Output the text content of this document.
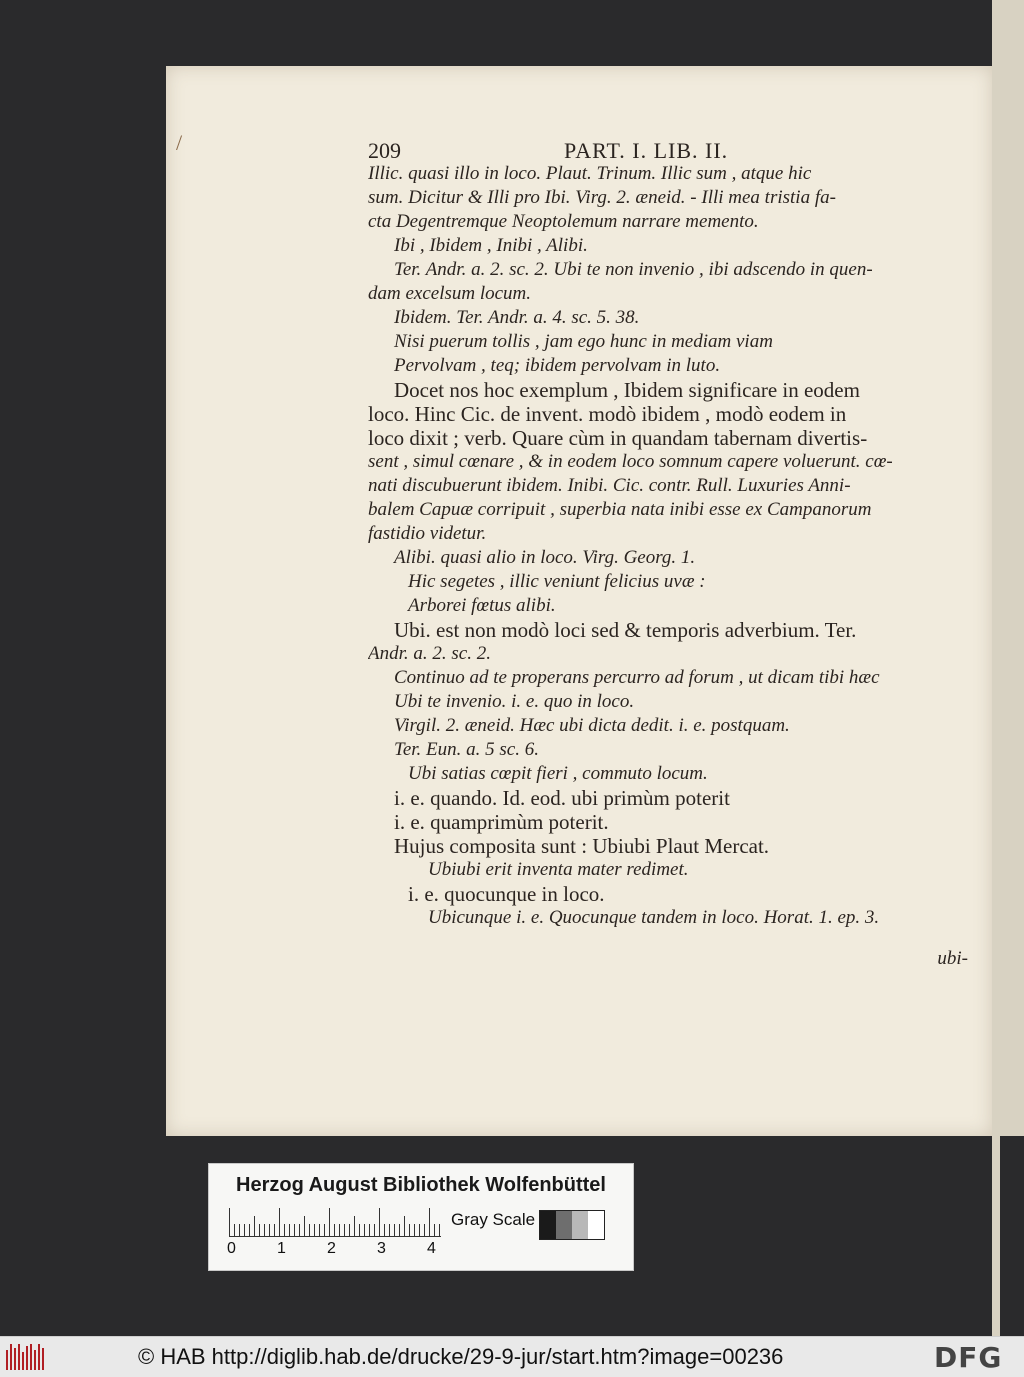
/	209	PART. I. LIB. II.
Illic. quasi illo in loco. Plaut. Trinum. Illic sum , atque hic
sum. Dicitur & Illi pro Ibi. Virg. 2. æneid. - Illi mea tristia fa-
cta Degentremque Neoptolemum narrare memento.
Ibi , Ibidem , Inibi , Alibi.
Ter. Andr. a. 2. sc. 2. Ubi te non invenio , ibi adscendo in quen-
dam excelsum locum.
Ibidem. Ter. Andr. a. 4. sc. 5. 38.
Nisi puerum tollis , jam ego hunc in mediam viam
Pervolvam , teq; ibidem pervolvam in luto.
Docet nos hoc exemplum , Ibidem significare in eodem
loco. Hinc Cic. de invent. modò ibidem , modò eodem in
loco dixit ; verb. Quare cùm in quandam tabernam divertis-
sent , simul cœnare , & in eodem loco somnum capere voluerunt. cœ-
nati discubuerunt ibidem. Inibi. Cic. contr. Rull. Luxuries Anni-
balem Capuæ corripuit , superbia nata inibi esse ex Campanorum
fastidio videtur.
Alibi. quasi alio in loco. Virg. Georg. 1.
Hic segetes , illic veniunt felicius uvæ :
Arborei fœtus alibi.
Ubi. est non modò loci sed & temporis adverbium. Ter.
Andr. a. 2. sc. 2.
Continuo ad te properans percurro ad forum , ut dicam tibi hæc
Ubi te invenio. i. e. quo in loco.
Virgil. 2. æneid. Hæc ubi dicta dedit. i. e. postquam.
Ter. Eun. a. 5 sc. 6.
Ubi satias cœpit fieri , commuto locum.
i. e. quando. Id. eod. ubi primùm poterit
i. e. quamprimùm poterit.
Hujus composita sunt : Ubiubi Plaut Mercat.
Ubiubi erit inventa mater redimet.
i. e. quocunque in loco.
Ubicunque i. e. Quocunque tandem in loco. Horat. 1. ep. 3.
ubi-
Herzog August Bibliothek Wolfenbüttel
0	1	2	3	4
Gray Scale
© HAB http://diglib.hab.de/drucke/29-9-jur/start.htm?image=00236	DFG
